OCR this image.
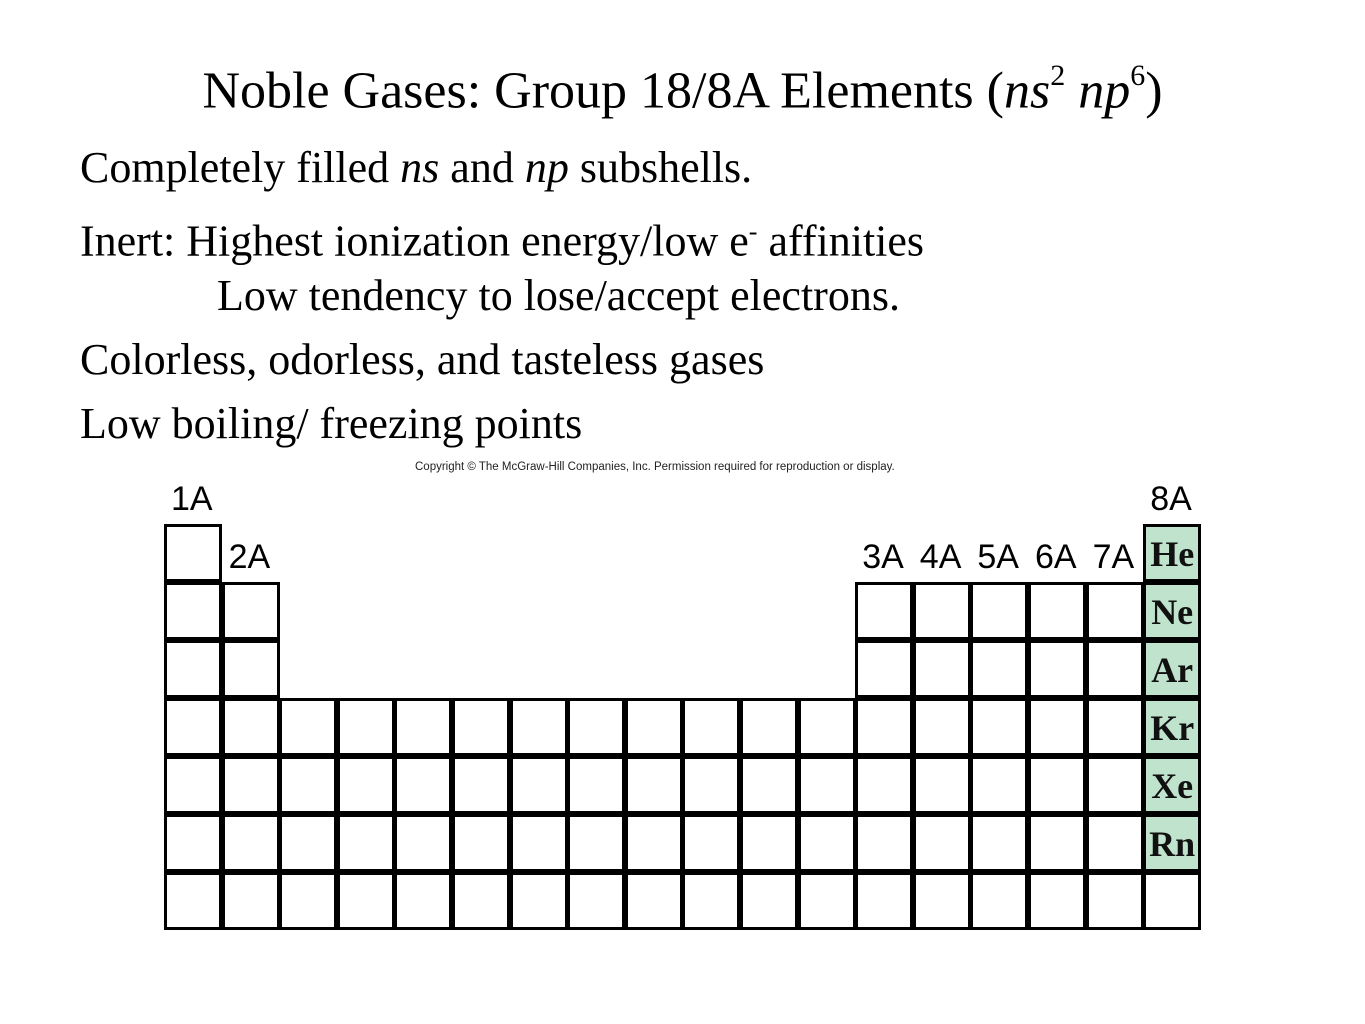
Noble Gases: Group 18/8A Elements ($ns^2$ $np^6$)
Completely filled ns and np subshells.
Inert: Highest ionization energy/low e- affinities
Low tendency to lose/accept electrons.
Colorless, odorless, and tasteless gases
Low boiling/ freezing points
Copyright © The McGraw-Hill Companies, Inc. Permission required for reproduction or display.
He
Ne
Ar
Kr
Xe
Rn
1A
2A	3A 4A 5A 6A 7A
8A
